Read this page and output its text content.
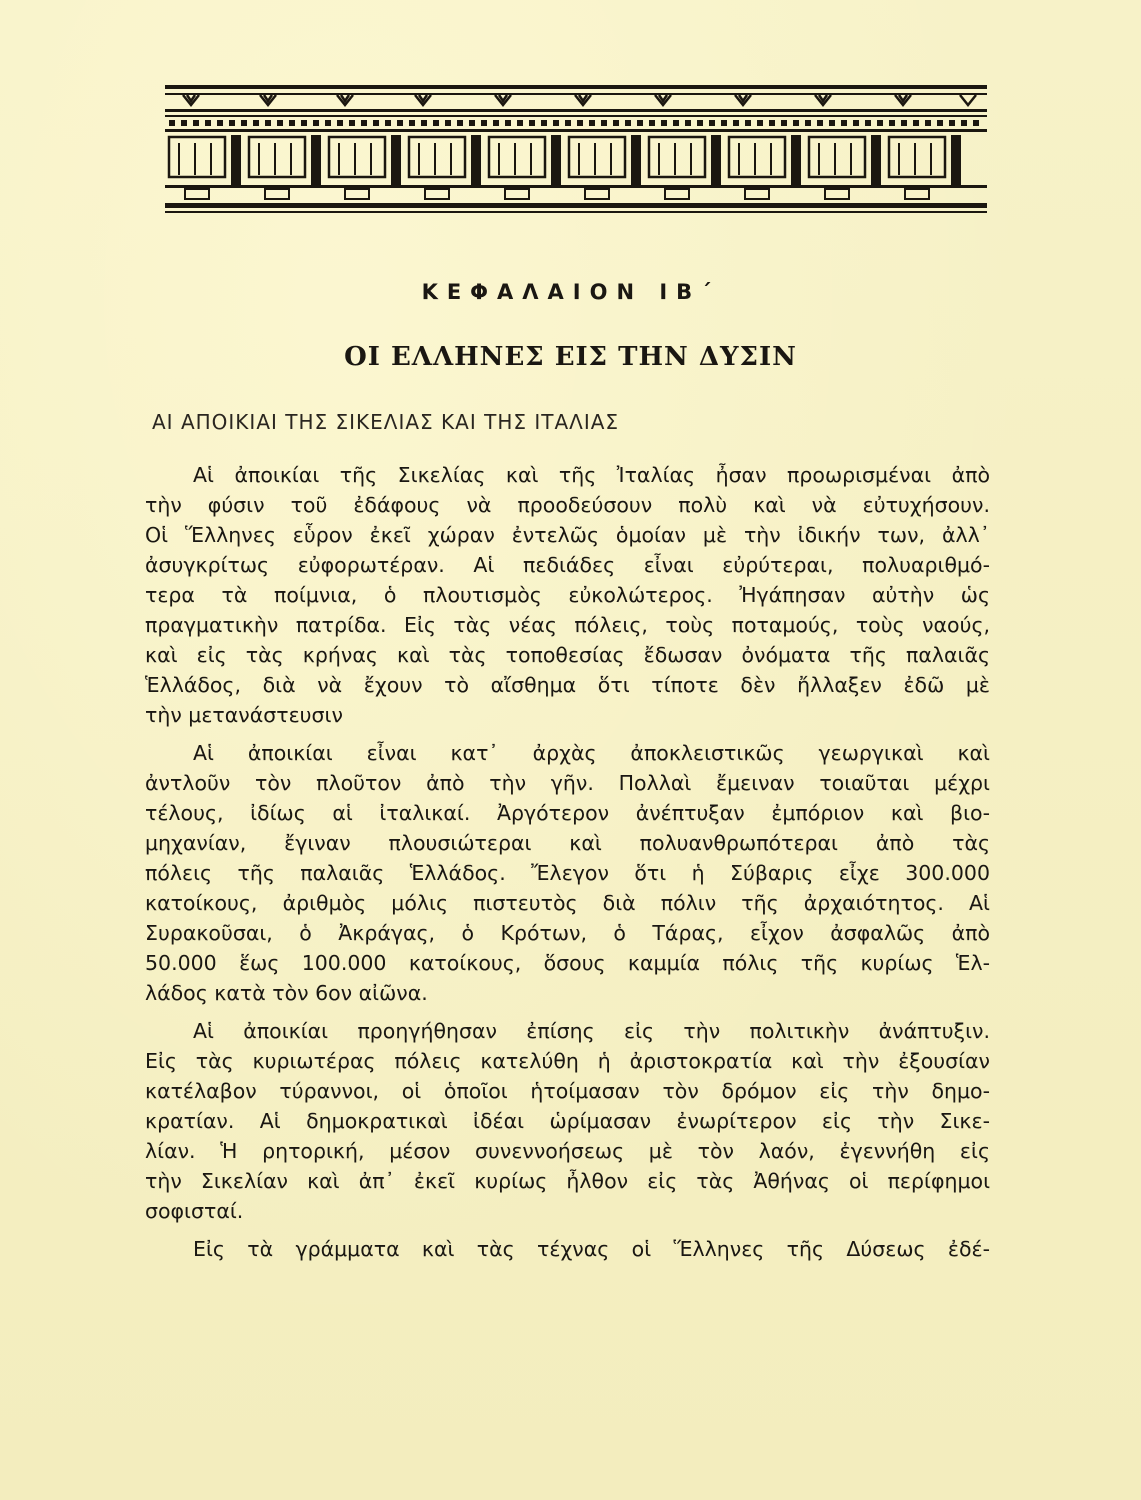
ΚΕΦΑΛΑΙΟΝ ΙΒ΄
ΟΙ ΕΛΛΗΝΕΣ ΕΙΣ ΤΗΝ ΔΥΣΙΝ
ΑΙ ΑΠΟΙΚΙΑΙ ΤΗΣ ΣΙΚΕΛΙΑΣ ΚΑΙ ΤΗΣ ΙΤΑΛΙΑΣ
Αἱ ἀποικίαι τῆς Σικελίας καὶ τῆς Ἰταλίας ἦσαν προωρισμέναι ἀπὸ
τὴν φύσιν τοῦ ἐδάφους νὰ προοδεύσουν πολὺ καὶ νὰ εὐτυχήσουν.
Οἱ Ἕλληνες εὗρον ἐκεῖ χώραν ἐντελῶς ὁμοίαν μὲ τὴν ἰδικήν των, ἀλλ᾽
ἀσυγκρίτως εὐφορωτέραν. Αἱ πεδιάδες εἶναι εὐρύτεραι, πολυαριθμό-
τερα τὰ ποίμνια, ὁ πλουτισμὸς εὐκολώτερος. Ἠγάπησαν αὐτὴν ὡς
πραγματικὴν πατρίδα. Εἰς τὰς νέας πόλεις, τοὺς ποταμούς, τοὺς ναούς,
καὶ εἰς τὰς κρήνας καὶ τὰς τοποθεσίας ἔδωσαν ὀνόματα τῆς παλαιᾶς
Ἑλλάδος, διὰ νὰ ἔχουν τὸ αἴσθημα ὅτι τίποτε δὲν ἤλλαξεν ἐδῶ μὲ
τὴν μετανάστευσιν
Αἱ ἀποικίαι εἶναι κατ᾽ ἀρχὰς ἀποκλειστικῶς γεωργικαὶ καὶ
ἀντλοῦν τὸν πλοῦτον ἀπὸ τὴν γῆν. Πολλαὶ ἔμειναν τοιαῦται μέχρι
τέλους, ἰδίως αἱ ἰταλικαί. Ἀργότερον ἀνέπτυξαν ἐμπόριον καὶ βιο-
μηχανίαν, ἔγιναν πλουσιώτεραι καὶ πολυανθρωπότεραι ἀπὸ τὰς
πόλεις τῆς παλαιᾶς Ἑλλάδος. Ἔλεγον ὅτι ἡ Σύβαρις εἶχε 300.000
κατοίκους, ἀριθμὸς μόλις πιστευτὸς διὰ πόλιν τῆς ἀρχαιότητος. Αἱ
Συρακοῦσαι, ὁ Ἀκράγας, ὁ Κρότων, ὁ Τάρας, εἶχον ἀσφαλῶς ἀπὸ
50.000 ἕως 100.000 κατοίκους, ὅσους καμμία πόλις τῆς κυρίως Ἑλ-
λάδος κατὰ τὸν 6ον αἰῶνα.
Αἱ ἀποικίαι προηγήθησαν ἐπίσης εἰς τὴν πολιτικὴν ἀνάπτυξιν.
Εἰς τὰς κυριωτέρας πόλεις κατελύθη ἡ ἀριστοκρατία καὶ τὴν ἐξουσίαν
κατέλαβον τύραννοι, οἱ ὁποῖοι ἡτοίμασαν τὸν δρόμον εἰς τὴν δημο-
κρατίαν. Αἱ δημοκρατικαὶ ἰδέαι ὡρίμασαν ἐνωρίτερον εἰς τὴν Σικε-
λίαν. Ἡ ρητορική, μέσον συνεννοήσεως μὲ τὸν λαόν, ἐγεννήθη εἰς
τὴν Σικελίαν καὶ ἀπ᾽ ἐκεῖ κυρίως ἦλθον εἰς τὰς Ἀθήνας οἱ περίφημοι
σοφισταί.
Εἰς τὰ γράμματα καὶ τὰς τέχνας οἱ Ἕλληνες τῆς Δύσεως ἐδέ-
